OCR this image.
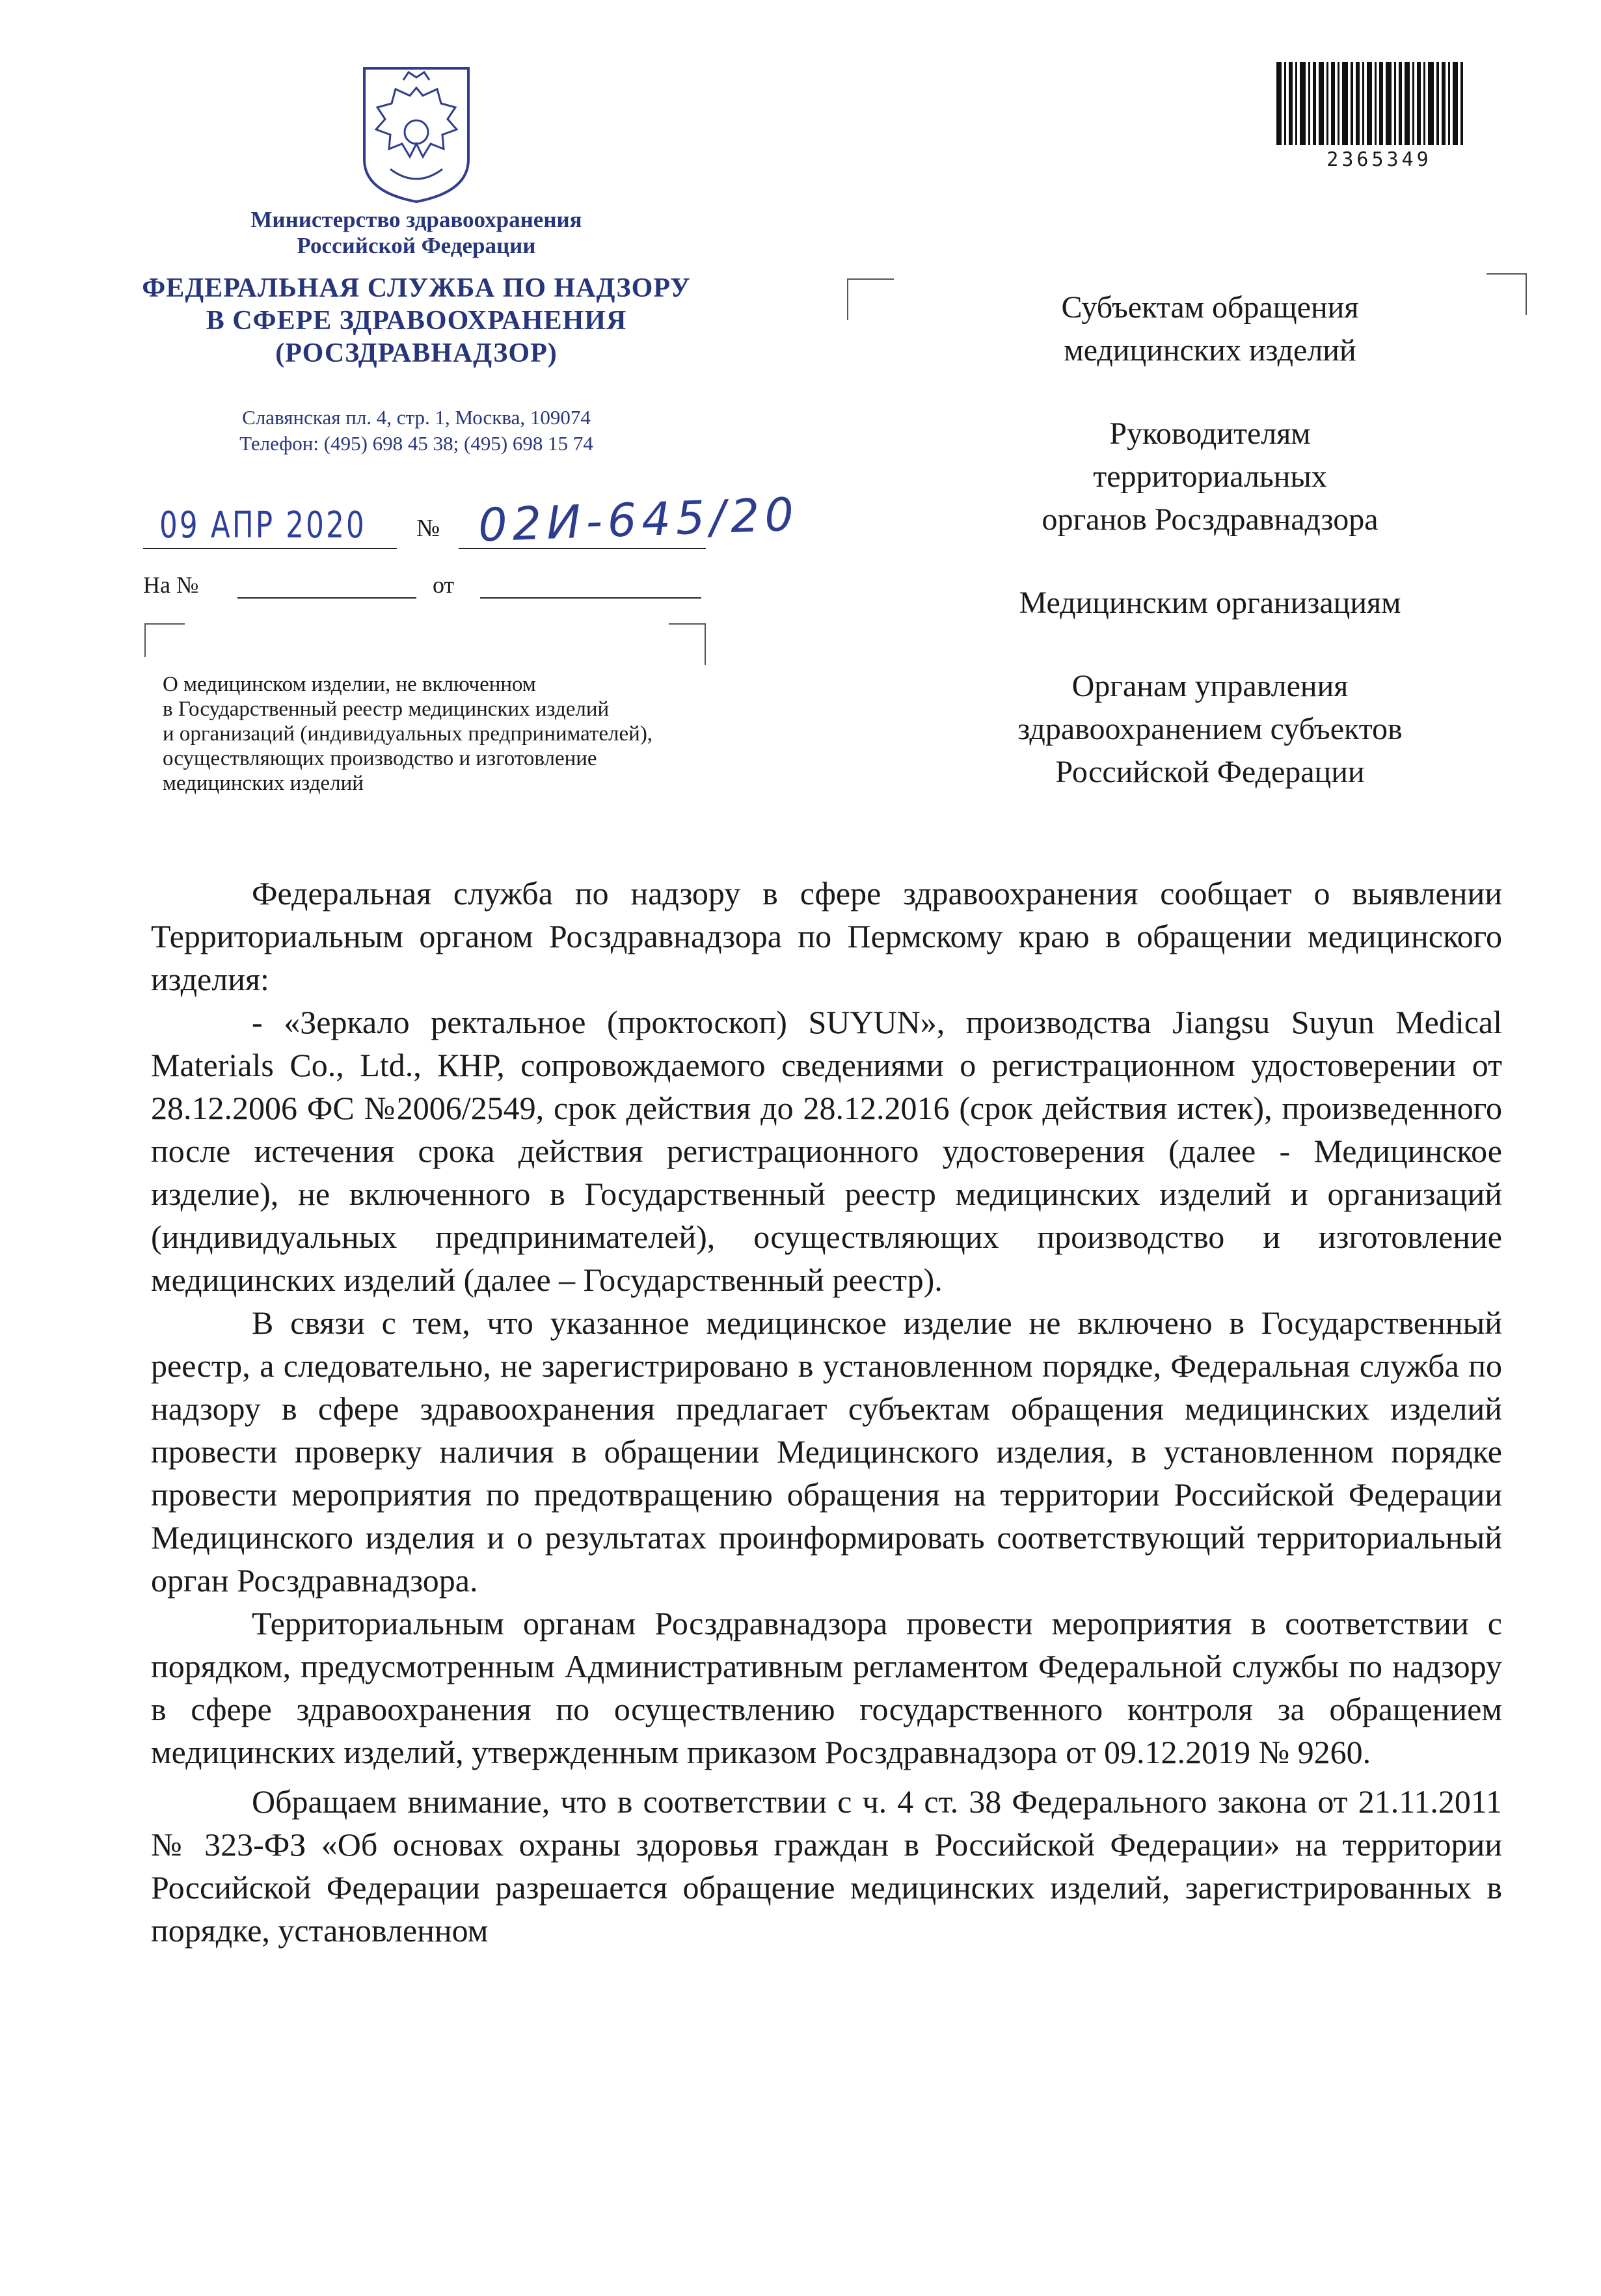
Министерство здравоохранения
Российской Федерации
ФЕДЕРАЛЬНАЯ СЛУЖБА ПО НАДЗОРУ
В СФЕРЕ ЗДРАВООХРАНЕНИЯ
(РОСЗДРАВНАДЗОР)
Славянская пл. 4, стр. 1, Москва, 109074
Телефон: (495) 698 45 38; (495) 698 15 74
09 АПР 2020 № 02И-645/20
На №	от
О медицинском изделии, не включенном
в Государственный реестр медицинских изделий
и организаций (индивидуальных предпринимателей),
осуществляющих производство и изготовление
медицинских изделий
2365349

Субъектам обращения
медицинских изделий

Руководителям
территориальных
органов Росздравнадзора

Медицинским организациям

Органам управления
здравоохранением субъектов
Российской Федерации

Федеральная служба по надзору в сфере здравоохранения сообщает о выявлении Территориальным органом Росздравнадзора по Пермскому краю в обращении медицинского изделия:

- «Зеркало ректальное (проктоскоп) SUYUN», производства Jiangsu Suyun Medical Materials Co., Ltd., КНР, сопровождаемого сведениями о регистрационном удостоверении от 28.12.2006 ФС №2006/2549, срок действия до 28.12.2016 (срок действия истек), произведенного после истечения срока действия регистрационного удостоверения (далее - Медицинское изделие), не включенного в Государственный реестр медицинских изделий и организаций (индивидуальных предпринимателей), осуществляющих производство и изготовление медицинских изделий (далее – Государственный реестр).

В связи с тем, что указанное медицинское изделие не включено в Государственный реестр, а следовательно, не зарегистрировано в установленном порядке, Федеральная служба по надзору в сфере здравоохранения предлагает субъектам обращения медицинских изделий провести проверку наличия в обращении Медицинского изделия, в установленном порядке провести мероприятия по предотвращению обращения на территории Российской Федерации Медицинского изделия и о результатах проинформировать соответствующий территориальный орган Росздравнадзора.

Территориальным органам Росздравнадзора провести мероприятия в соответствии с порядком, предусмотренным Административным регламентом Федеральной службы по надзору в сфере здравоохранения по осуществлению государственного контроля за обращением медицинских изделий, утвержденным приказом Росздравнадзора от 09.12.2019 № 9260.

Обращаем внимание, что в соответствии с ч. 4 ст. 38 Федерального закона от 21.11.2011 № 323-ФЗ «Об основах охраны здоровья граждан в Российской Федерации» на территории Российской Федерации разрешается обращение медицинских изделий, зарегистрированных в порядке, установленном
